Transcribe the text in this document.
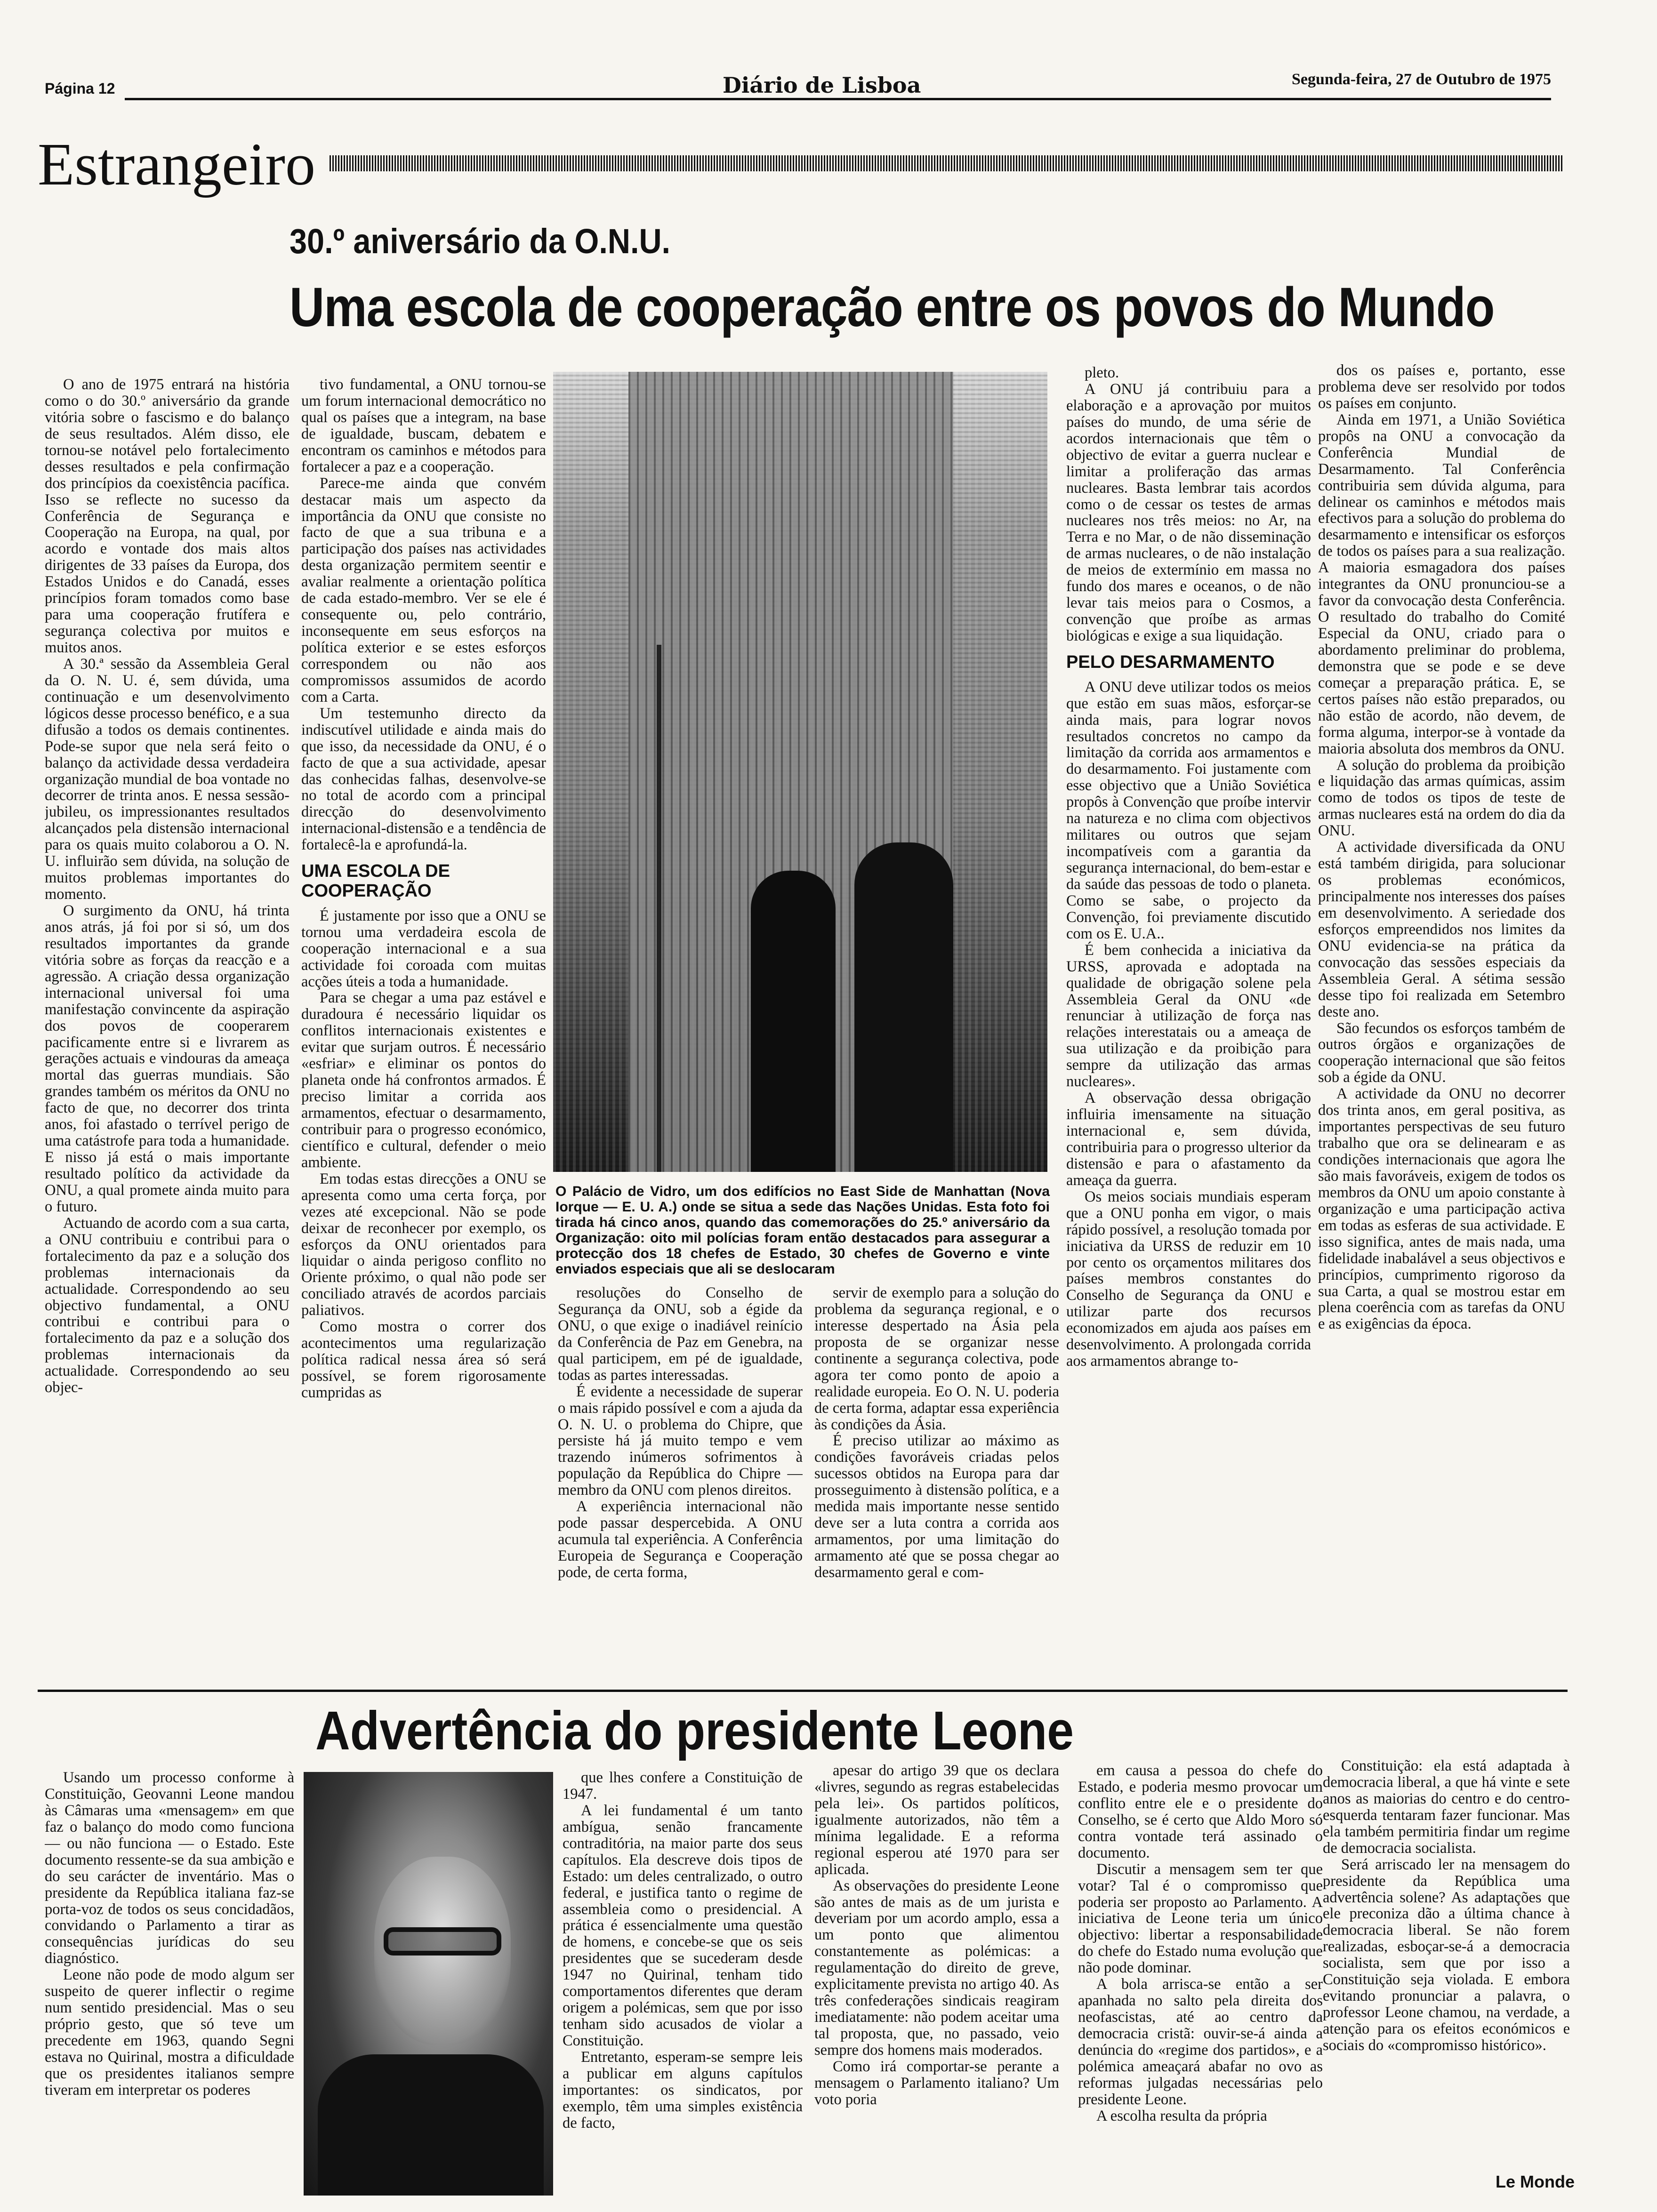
Página 12	Diário de Lisboa	Segunda-feira, 27 de Outubro de 1975
Estrangeiro
30.º aniversário da O.N.U.
Uma escola de cooperação entre os povos do Mundo

O ano de 1975 entrará na história como o do 30.º aniversário da grande vitória sobre o fascismo e do balanço de seus resultados. Além disso, ele tornou-se notável pelo fortalecimento desses resultados e pela confirmação dos princípios da coexistência pacífica. Isso se reflecte no sucesso da Conferência de Segurança e Cooperação na Europa, na qual, por acordo e vontade dos mais altos dirigentes de 33 países da Europa, dos Estados Unidos e do Canadá, esses princípios foram tomados como base para uma cooperação frutífera e segurança colectiva por muitos e muitos anos.

A 30.ª sessão da Assembleia Geral da O. N. U. é, sem dúvida, uma continuação e um desenvolvimento lógicos desse processo benéfico, e a sua difusão a todos os demais continentes. Pode-se supor que nela será feito o balanço da actividade dessa verdadeira organização mundial de boa vontade no decorrer de trinta anos. E nessa sessão-jubileu, os impressionantes resultados alcançados pela distensão internacional para os quais muito colaborou a O. N. U. influirão sem dúvida, na solução de muitos problemas importantes do momento.

O surgimento da ONU, há trinta anos atrás, já foi por si só, um dos resultados importantes da grande vitória sobre as forças da reacção e a agressão. A criação dessa organização internacional universal foi uma manifestação convincente da aspiração dos povos de cooperarem pacificamente entre si e livrarem as gerações actuais e vindouras da ameaça mortal das guerras mundiais. São grandes também os méritos da ONU no facto de que, no decorrer dos trinta anos, foi afastado o terrível perigo de uma catástrofe para toda a humanidade. E nisso já está o mais importante resultado político da actividade da ONU, a qual promete ainda muito para o futuro.

Actuando de acordo com a sua carta, a ONU contribuiu e contribui para o fortalecimento da paz e a solução dos problemas internacionais da actualidade. Correspondendo ao seu objectivo fundamental, a ONU contribui e contribui para o fortalecimento da paz e a solução dos problemas internacionais da actualidade. Correspondendo ao seu objec-

tivo fundamental, a ONU tornou-se um forum internacional democrático no qual os países que a integram, na base de igualdade, buscam, debatem e encontram os caminhos e métodos para fortalecer a paz e a cooperação.

Parece-me ainda que convém destacar mais um aspecto da importância da ONU que consiste no facto de que a sua tribuna e a participação dos países nas actividades desta organização permitem seentir e avaliar realmente a orientação política de cada estado-membro. Ver se ele é consequente ou, pelo contrário, inconsequente em seus esforços na política exterior e se estes esforços correspondem ou não aos compromissos assumidos de acordo com a Carta.

Um testemunho directo da indiscutível utilidade e ainda mais do que isso, da necessidade da ONU, é o facto de que a sua actividade, apesar das conhecidas falhas, desenvolve-se no total de acordo com a principal direcção do desenvolvimento internacional-distensão e a tendência de fortalecê-la e aprofundá-la.

UMA ESCOLA DE COOPERAÇÃO

É justamente por isso que a ONU se tornou uma verdadeira escola de cooperação internacional e a sua actividade foi coroada com muitas acções úteis a toda a humanidade.

Para se chegar a uma paz estável e duradoura é necessário liquidar os conflitos internacionais existentes e evitar que surjam outros. É necessário «esfriar» e eliminar os pontos do planeta onde há confrontos armados. É preciso limitar a corrida aos armamentos, efectuar o desarmamento, contribuir para o progresso económico, científico e cultural, defender o meio ambiente.

Em todas estas direcções a ONU se apresenta como uma certa força, por vezes até excepcional. Não se pode deixar de reconhecer por exemplo, os esforços da ONU orientados para liquidar o ainda perigoso conflito no Oriente próximo, o qual não pode ser conciliado através de acordos parciais paliativos.

Como mostra o correr dos acontecimentos uma regularização política radical nessa área só será possível, se forem rigorosamente cumpridas as

O Palácio de Vidro, um dos edifícios no East Side de Manhattan (Nova Iorque — E. U. A.) onde se situa a sede das Nações Unidas. Esta foto foi tirada há cinco anos, quando das comemorações do 25.º aniversário da Organização: oito mil polícias foram então destacados para assegurar a protecção dos 18 chefes de Estado, 30 chefes de Governo e vinte enviados especiais que ali se deslocaram

resoluções do Conselho de Segurança da ONU, sob a égide da ONU, o que exige o inadiável reinício da Conferência de Paz em Genebra, na qual participem, em pé de igualdade, todas as partes interessadas.

É evidente a necessidade de superar o mais rápido possível e com a ajuda da O. N. U. o problema do Chipre, que persiste há já muito tempo e vem trazendo inúmeros sofrimentos à população da República do Chipre — membro da ONU com plenos direitos.

A experiência internacional não pode passar despercebida. A ONU acumula tal experiência. A Conferência Europeia de Segurança e Cooperação pode, de certa forma,

servir de exemplo para a solução do problema da segurança regional, e o interesse despertado na Ásia pela proposta de se organizar nesse continente a segurança colectiva, pode agora ter como ponto de apoio a realidade europeia. Eo O. N. U. poderia de certa forma, adaptar essa experiência às condições da Ásia.

É preciso utilizar ao máximo as condições favoráveis criadas pelos sucessos obtidos na Europa para dar prosseguimento à distensão política, e a medida mais importante nesse sentido deve ser a luta contra a corrida aos armamentos, por uma limitação do armamento até que se possa chegar ao desarmamento geral e com-

pleto.

A ONU já contribuiu para a elaboração e a aprovação por muitos países do mundo, de uma série de acordos internacionais que têm o objectivo de evitar a guerra nuclear e limitar a proliferação das armas nucleares. Basta lembrar tais acordos como o de cessar os testes de armas nucleares nos três meios: no Ar, na Terra e no Mar, o de não disseminação de armas nucleares, o de não instalação de meios de extermínio em massa no fundo dos mares e oceanos, o de não levar tais meios para o Cosmos, a convenção que proíbe as armas biológicas e exige a sua liquidação.

PELO DESARMAMENTO

A ONU deve utilizar todos os meios que estão em suas mãos, esforçar-se ainda mais, para lograr novos resultados concretos no campo da limitação da corrida aos armamentos e do desarmamento. Foi justamente com esse objectivo que a União Soviética propôs à Convenção que proíbe intervir na natureza e no clima com objectivos militares ou outros que sejam incompatíveis com a garantia da segurança internacional, do bem-estar e da saúde das pessoas de todo o planeta. Como se sabe, o projecto da Convenção, foi previamente discutido com os E. U.A..

É bem conhecida a iniciativa da URSS, aprovada e adoptada na qualidade de obrigação solene pela Assembleia Geral da ONU «de renunciar à utilização de força nas relações interestatais ou a ameaça de sua utilização e da proibição para sempre da utilização das armas nucleares».

A observação dessa obrigação influiria imensamente na situação internacional e, sem dúvida, contribuiria para o progresso ulterior da distensão e para o afastamento da ameaça da guerra.

Os meios sociais mundiais esperam que a ONU ponha em vigor, o mais rápido possível, a resolução tomada por iniciativa da URSS de reduzir em 10 por cento os orçamentos militares dos países membros constantes do Conselho de Segurança da ONU e utilizar parte dos recursos economizados em ajuda aos países em desenvolvimento. A prolongada corrida aos armamentos abrange to-

dos os países e, portanto, esse problema deve ser resolvido por todos os países em conjunto.

Ainda em 1971, a União Soviética propôs na ONU a convocação da Conferência Mundial de Desarmamento. Tal Conferência contribuiria sem dúvida alguma, para delinear os caminhos e métodos mais efectivos para a solução do problema do desarmamento e intensificar os esforços de todos os países para a sua realização. A maioria esmagadora dos países integrantes da ONU pronunciou-se a favor da convocação desta Conferência. O resultado do trabalho do Comité Especial da ONU, criado para o abordamento preliminar do problema, demonstra que se pode e se deve começar a preparação prática. E, se certos países não estão preparados, ou não estão de acordo, não devem, de forma alguma, interpor-se à vontade da maioria absoluta dos membros da ONU.

A solução do problema da proibição e liquidação das armas químicas, assim como de todos os tipos de teste de armas nucleares está na ordem do dia da ONU.

A actividade diversificada da ONU está também dirigida, para solucionar os problemas económicos, principalmente nos interesses dos países em desenvolvimento. A seriedade dos esforços empreendidos nos limites da ONU evidencia-se na prática da convocação das sessões especiais da Assembleia Geral. A sétima sessão desse tipo foi realizada em Setembro deste ano.

São fecundos os esforços também de outros órgãos e organizações de cooperação internacional que são feitos sob a égide da ONU.

A actividade da ONU no decorrer dos trinta anos, em geral positiva, as importantes perspectivas de seu futuro trabalho que ora se delinearam e as condições internacionais que agora lhe são mais favoráveis, exigem de todos os membros da ONU um apoio constante à organização e uma participação activa em todas as esferas de sua actividade. E isso significa, antes de mais nada, uma fidelidade inabalável a seus objectivos e princípios, cumprimento rigoroso da sua Carta, a qual se mostrou estar em plena coerência com as tarefas da ONU e as exigências da época.

Advertência do presidente Leone

Usando um processo conforme à Constituição, Geovanni Leone mandou às Câmaras uma «mensagem» em que faz o balanço do modo como funciona — ou não funciona — o Estado. Este documento ressente-se da sua ambição e do seu carácter de inventário. Mas o presidente da República italiana faz-se porta-voz de todos os seus concidadãos, convidando o Parlamento a tirar as consequências jurídicas do seu diagnóstico.

Leone não pode de modo algum ser suspeito de querer inflectir o regime num sentido presidencial. Mas o seu próprio gesto, que só teve um precedente em 1963, quando Segni estava no Quirinal, mostra a dificuldade que os presidentes italianos sempre tiveram em interpretar os poderes

que lhes confere a Constituição de 1947.

A lei fundamental é um tanto ambígua, senão francamente contraditória, na maior parte dos seus capítulos. Ela descreve dois tipos de Estado: um deles centralizado, o outro federal, e justifica tanto o regime de assembleia como o presidencial. A prática é essencialmente uma questão de homens, e concebe-se que os seis presidentes que se sucederam desde 1947 no Quirinal, tenham tido comportamentos diferentes que deram origem a polémicas, sem que por isso tenham sido acusados de violar a Constituição.

Entretanto, esperam-se sempre leis a publicar em alguns capítulos importantes: os sindicatos, por exemplo, têm uma simples existência de facto,

apesar do artigo 39 que os declara «livres, segundo as regras estabelecidas pela lei». Os partidos políticos, igualmente autorizados, não têm a mínima legalidade. E a reforma regional esperou até 1970 para ser aplicada.

As observações do presidente Leone são antes de mais as de um jurista e deveriam por um acordo amplo, essa a um ponto que alimentou constantemente as polémicas: a regulamentação do direito de greve, explicitamente prevista no artigo 40. As três confederações sindicais reagiram imediatamente: não podem aceitar uma tal proposta, que, no passado, veio sempre dos homens mais moderados.

Como irá comportar-se perante a mensagem o Parlamento italiano? Um voto poria

em causa a pessoa do chefe do Estado, e poderia mesmo provocar um conflito entre ele e o presidente do Conselho, se é certo que Aldo Moro só contra vontade terá assinado o documento.

Discutir a mensagem sem ter que votar? Tal é o compromisso que poderia ser proposto ao Parlamento. A iniciativa de Leone teria um único objectivo: libertar a responsabilidade do chefe do Estado numa evolução que não pode dominar.

A bola arrisca-se então a ser apanhada no salto pela direita dos neofascistas, até ao centro da democracia cristã: ouvir-se-á ainda a denúncia do «regime dos partidos», e a polémica ameaçará abafar no ovo as reformas julgadas necessárias pelo presidente Leone.

A escolha resulta da própria

Constituição: ela está adaptada à democracia liberal, a que há vinte e sete anos as maiorias do centro e do centro-esquerda tentaram fazer funcionar. Mas ela também permitiria findar um regime de democracia socialista.

Será arriscado ler na mensagem do presidente da República uma advertência solene? As adaptações que ele preconiza dão a última chance à democracia liberal. Se não forem realizadas, esboçar-se-á a democracia socialista, sem que por isso a Constituição seja violada. E embora evitando pronunciar a palavra, o professor Leone chamou, na verdade, a atenção para os efeitos económicos e sociais do «compromisso histórico».

Le Monde
